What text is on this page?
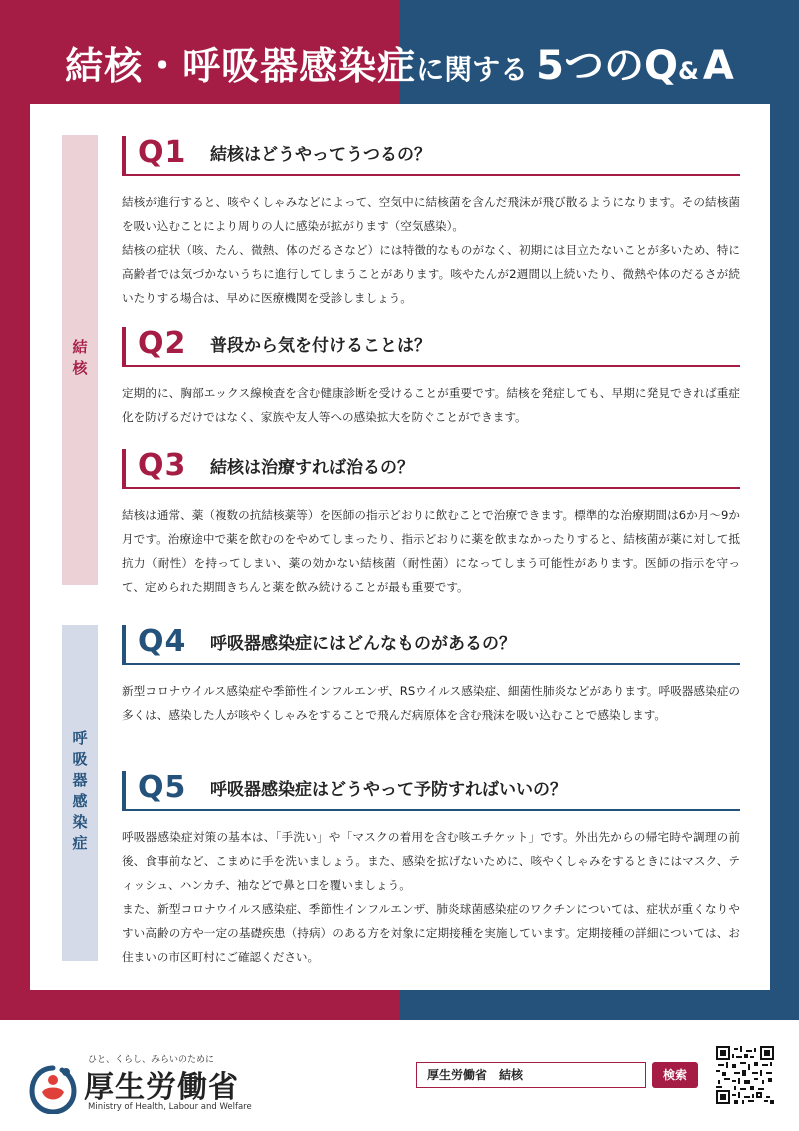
結核・呼吸器感染症に関する 5つのQ& A
結核
呼吸器感染症
Q1 結核はどうやってうつるの？

結核が進行すると、咳やくしゃみなどによって、空気中に結核菌を含んだ飛沫が飛び散るようになります。その結核菌を吸い込むことにより周りの人に感染が拡がります（空気感染）。
結核の症状（咳、たん、微熱、体のだるさなど）には特徴的なものがなく、初期には目立たないことが多いため、特に高齢者では気づかないうちに進行してしまうことがあります。咳やたんが2週間以上続いたり、微熱や体のだるさが続いたりする場合は、早めに医療機関を受診しましょう。

Q2 普段から気を付けることは？

定期的に、胸部エックス線検査を含む健康診断を受けることが重要です。結核を発症しても、早期に発見できれば重症化を防げるだけではなく、家族や友人等への感染拡大を防ぐことができます。

Q3 結核は治療すれば治るの？

結核は通常、薬（複数の抗結核薬等）を医師の指示どおりに飲むことで治療できます。標準的な治療期間は6か月〜9か月です。治療途中で薬を飲むのをやめてしまったり、指示どおりに薬を飲まなかったりすると、結核菌が薬に対して抵抗力（耐性）を持ってしまい、薬の効かない結核菌（耐性菌）になってしまう可能性があります。医師の指示を守って、定められた期間きちんと薬を飲み続けることが最も重要です。

Q4 呼吸器感染症にはどんなものがあるの？

新型コロナウイルス感染症や季節性インフルエンザ、RSウイルス感染症、細菌性肺炎などがあります。呼吸器感染症の多くは、感染した人が咳やくしゃみをすることで飛んだ病原体を含む飛沫を吸い込むことで感染します。

Q5 呼吸器感染症はどうやって予防すればいいの？

呼吸器感染症対策の基本は、「手洗い」や「マスクの着用を含む咳エチケット」です。外出先からの帰宅時や調理の前後、食事前など、こまめに手を洗いましょう。また、感染を拡げないために、咳やくしゃみをするときにはマスク、ティッシュ、ハンカチ、袖などで鼻と口を覆いましょう。
また、新型コロナウイルス感染症、季節性インフルエンザ、肺炎球菌感染症のワクチンについては、症状が重くなりやすい高齢の方や一定の基礎疾患（持病）のある方を対象に定期接種を実施しています。定期接種の詳細については、お住まいの市区町村にご確認ください。

ひと、くらし、みらいのために
厚生労働省
Ministry of Health, Labour and Welfare
厚生労働省　結核	検索
